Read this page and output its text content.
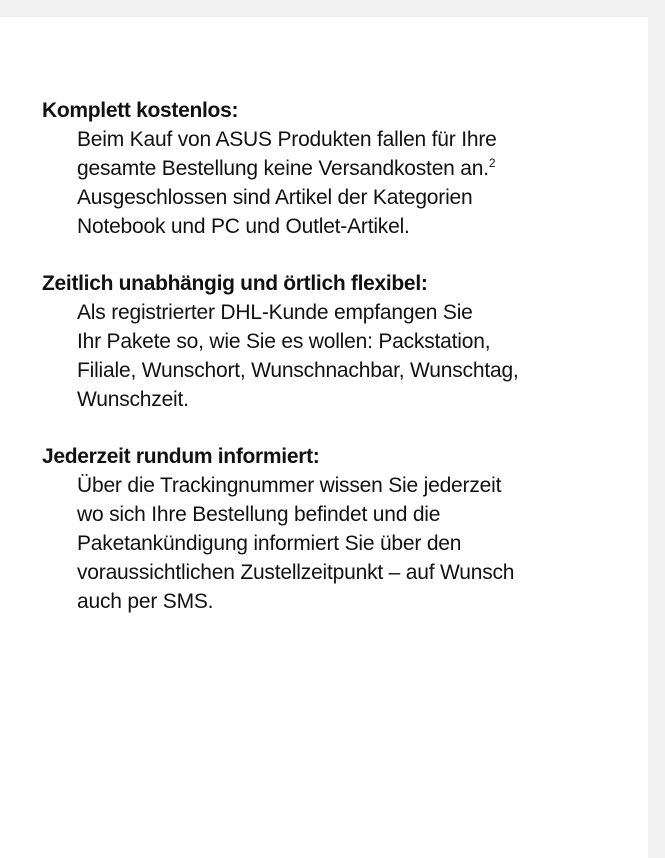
Komplett kostenlos:

Beim Kauf von ASUS Produkten fallen für Ihre
gesamte Bestellung keine Versandkosten an.$^2$
Ausgeschlossen sind Artikel der Kategorien
Notebook und PC und Outlet-Artikel.

Zeitlich unabhängig und örtlich flexibel:

Als registrierter DHL-Kunde empfangen Sie
Ihr Pakete so, wie Sie es wollen: Packstation,
Filiale, Wunschort, Wunschnachbar, Wunschtag,
Wunschzeit.

Jederzeit rundum informiert:

Über die Trackingnummer wissen Sie jederzeit
wo sich Ihre Bestellung befindet und die
Paketankündigung informiert Sie über den
voraussichtlichen Zustellzeitpunkt – auf Wunsch
auch per SMS.
